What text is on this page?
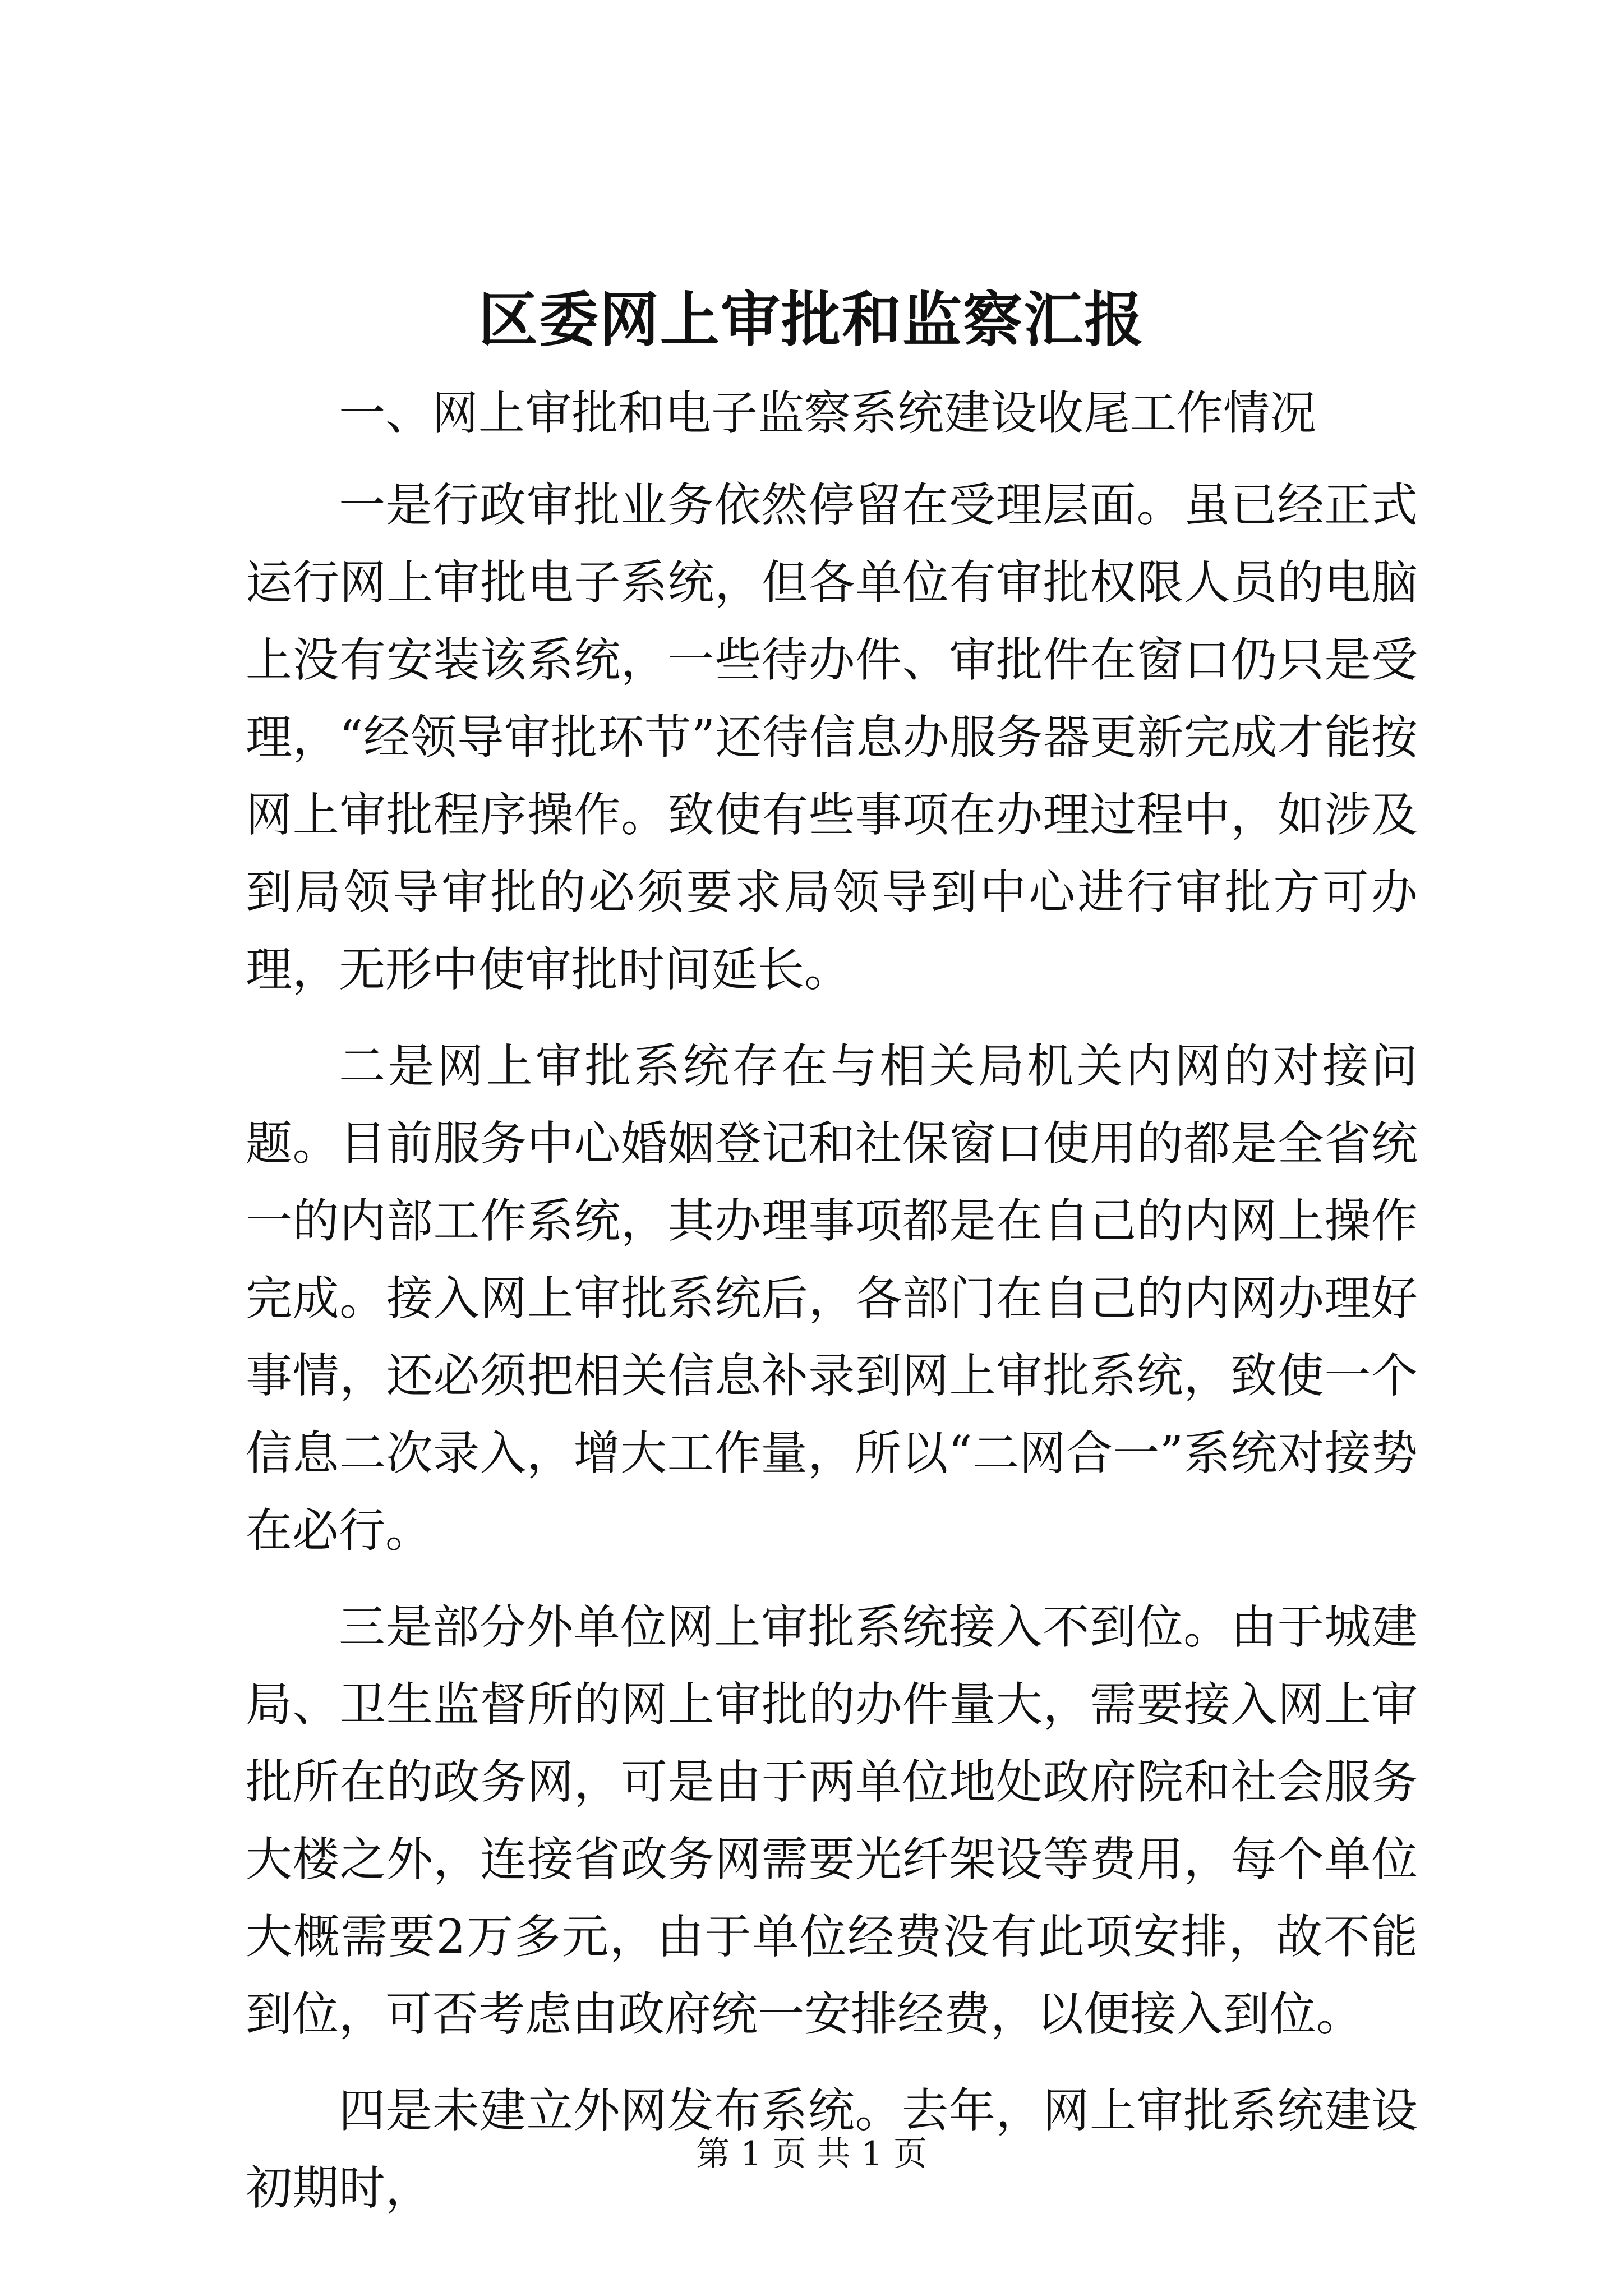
区委网上审批和监察汇报

一、网上审批和电子监察系统建设收尾工作情况

一是行政审批业务依然停留在受理层面。虽已经正式运行网上审批电子系统，但各单位有审批权限人员的电脑上没有安装该系统，一些待办件、审批件在窗口仍只是受理，“经领导审批环节”还待信息办服务器更新完成才能按网上审批程序操作。致使有些事项在办理过程中，如涉及到局领导审批的必须要求局领导到中心进行审批方可办理，无形中使审批时间延长。

二是网上审批系统存在与相关局机关内网的对接问题。目前服务中心婚姻登记和社保窗口使用的都是全省统一的内部工作系统，其办理事项都是在自己的内网上操作完成。接入网上审批系统后，各部门在自己的内网办理好事情，还必须把相关信息补录到网上审批系统，致使一个信息二次录入，增大工作量，所以“二网合一”系统对接势在必行。

三是部分外单位网上审批系统接入不到位。由于城建局、卫生监督所的网上审批的办件量大，需要接入网上审批所在的政务网，可是由于两单位地处政府院和社会服务大楼之外，连接省政务网需要光纤架设等费用，每个单位大概需要2万多元，由于单位经费没有此项安排，故不能到位，可否考虑由政府统一安排经费，以便接入到位。

四是未建立外网发布系统。去年，网上审批系统建设初期时，

第 1 页 共 1 页
